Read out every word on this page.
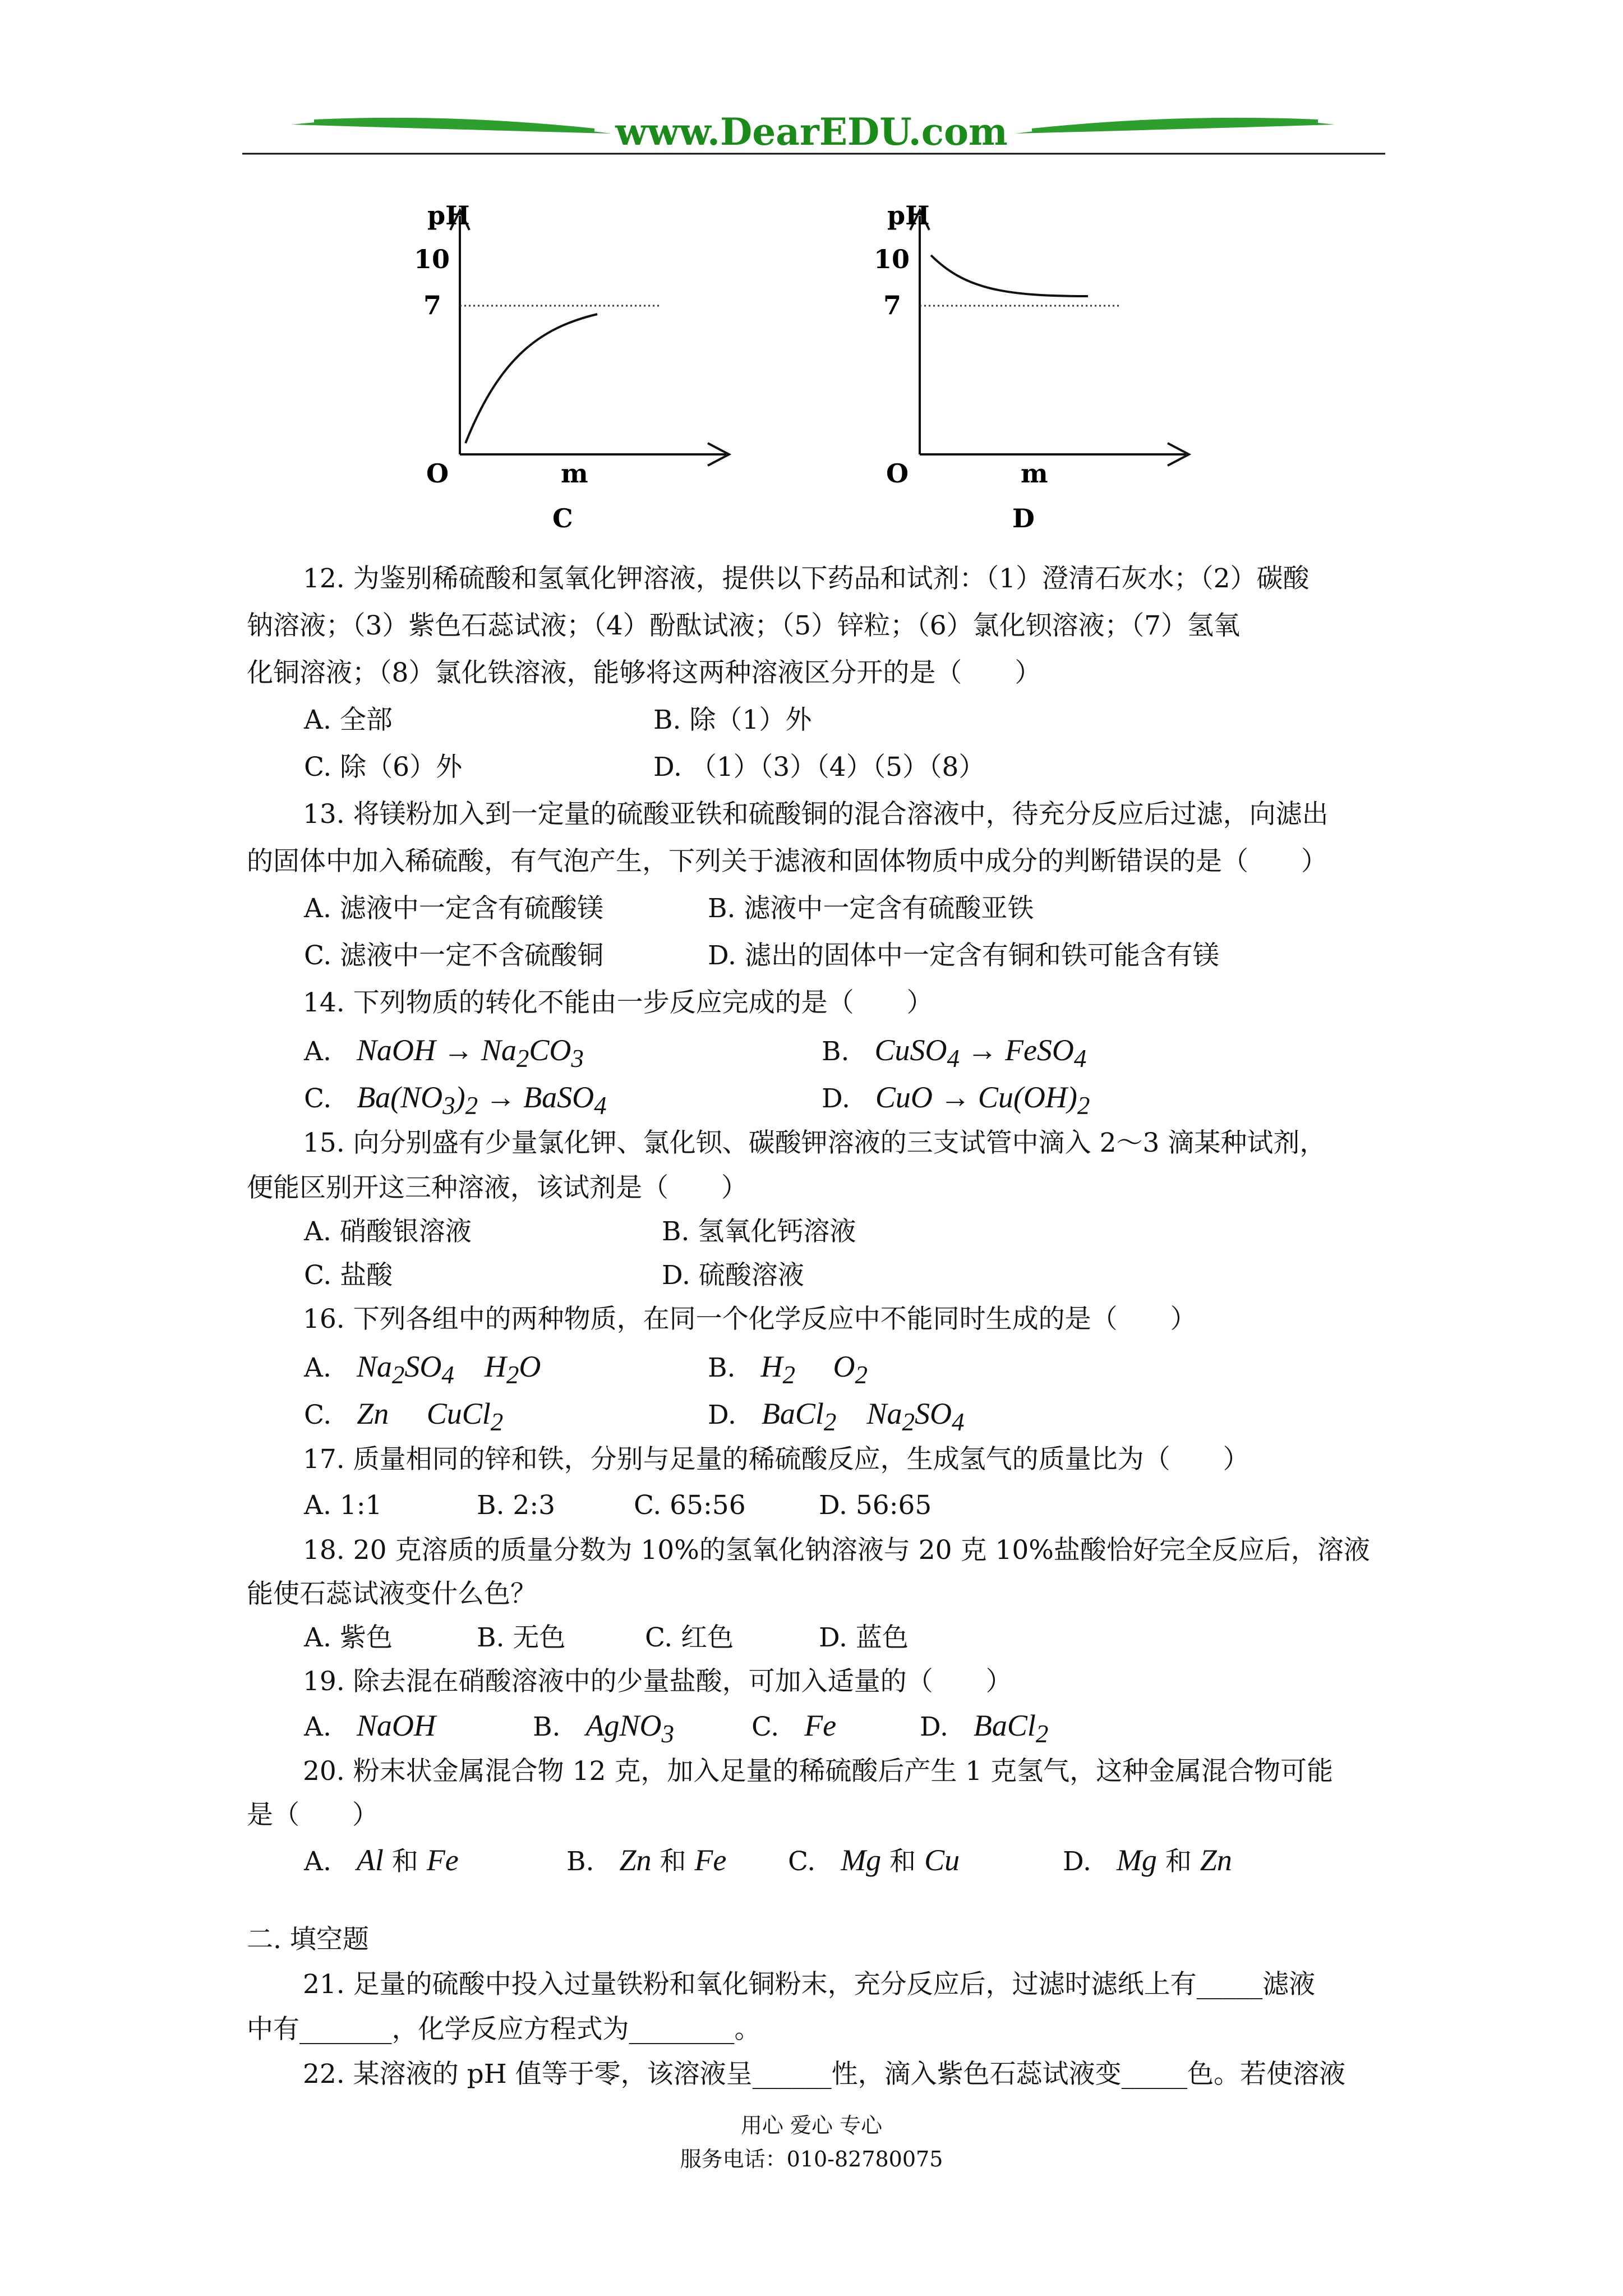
www.DearEDU.com
pH
10
7
O	m
C
pH
10
7
O	m
D
12. 为鉴别稀硫酸和氢氧化钾溶液，提供以下药品和试剂：（1）澄清石灰水；（2）碳酸
钠溶液；（3）紫色石蕊试液；（4）酚酞试液；（5）锌粒；（6）氯化钡溶液；（7）氢氧
化铜溶液；（8）氯化铁溶液，能够将这两种溶液区分开的是（　　）
A. 全部	B. 除（1）外
C. 除（6）外	D. （1）（3）（4）（5）（8）
13. 将镁粉加入到一定量的硫酸亚铁和硫酸铜的混合溶液中，待充分反应后过滤，向滤出
的固体中加入稀硫酸，有气泡产生，下列关于滤液和固体物质中成分的判断错误的是（　　）
A. 滤液中一定含有硫酸镁	B. 滤液中一定含有硫酸亚铁
C. 滤液中一定不含硫酸铜	D. 滤出的固体中一定含有铜和铁可能含有镁
14. 下列物质的转化不能由一步反应完成的是（　　）
A. NaOH → $Na_2CO_3$	B. CuSO$_4$ → FeSO$_4$
C. $Ba(NO_3)_2$ → BaSO$_4$	D. CuO → $Cu(OH)_2$
15. 向分别盛有少量氯化钾、氯化钡、碳酸钾溶液的三支试管中滴入 2～3 滴某种试剂，
便能区别开这三种溶液，该试剂是（　　）
A. 硝酸银溶液	B. 氢氧化钙溶液
C. 盐酸	D. 硫酸溶液
16. 下列各组中的两种物质，在同一个化学反应中不能同时生成的是（　　）
A. $Na_2SO_4$    $H_2O$	B. $H_2$     $O_2$
C. Zn     CuCl$_2$	D. BaCl$_2$    $Na_2SO_4$
17. 质量相同的锌和铁，分别与足量的稀硫酸反应，生成氢气的质量比为（　　）
A. 1:1	B. 2:3	C. 65:56	D. 56:65
18. 20 克溶质的质量分数为 10%的氢氧化钠溶液与 20 克 10%盐酸恰好完全反应后，溶液
能使石蕊试液变什么色？
A. 紫色	B. 无色	C. 红色	D. 蓝色
19. 除去混在硝酸溶液中的少量盐酸，可加入适量的（　　）
A. NaOH	B. AgNO$_3$	C. Fe	D. BaCl$_2$
20. 粉末状金属混合物 12 克，加入足量的稀硫酸后产生 1 克氢气，这种金属混合物可能
是（　　）
A. Al 和 Fe	B. Zn 和 Fe C. Mg 和 Cu	D. Mg 和 Zn
二. 填空题
21. 足量的硫酸中投入过量铁粉和氧化铜粉末，充分反应后，过滤时滤纸上有_____滤液
中有_______，化学反应方程式为________。
22. 某溶液的 pH 值等于零，该溶液呈______性，滴入紫色石蕊试液变_____色。若使溶液
用心 爱心 专心
服务电话：010-82780075
